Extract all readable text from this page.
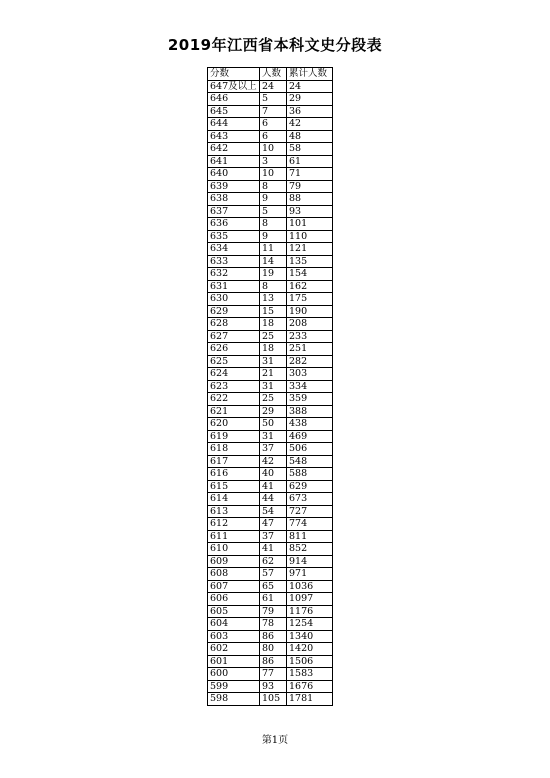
2019年江西省本科文史分段表
分数	人数	累计人数
647及以上	24	24
646	5	29
645	7	36
644	6	42
643	6	48
642	10	58
641	3	61
640	10	71
639	8	79
638	9	88
637	5	93
636	8	101
635	9	110
634	11	121
633	14	135
632	19	154
631	8	162
630	13	175
629	15	190
628	18	208
627	25	233
626	18	251
625	31	282
624	21	303
623	31	334
622	25	359
621	29	388
620	50	438
619	31	469
618	37	506
617	42	548
616	40	588
615	41	629
614	44	673
613	54	727
612	47	774
611	37	811
610	41	852
609	62	914
608	57	971
607	65	1036
606	61	1097
605	79	1176
604	78	1254
603	86	1340
602	80	1420
601	86	1506
600	77	1583
599	93	1676
598	105	1781
第1页
